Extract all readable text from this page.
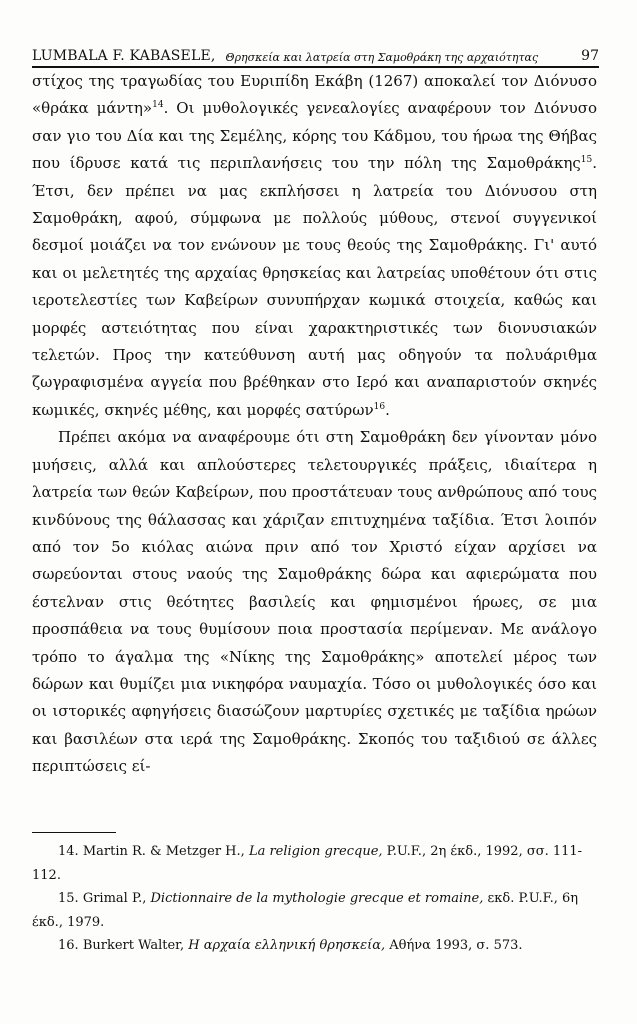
LUMBALA F. KABASELE, Θρησκεία και λατρεία στη Σαμοθράκη της αρχαιότητας	97

στίχος της τραγωδίας του Ευριπίδη Εκάβη (1267) αποκαλεί τον Διόνυσο «θράκα μάντη»$^{14}$. Οι μυθολογικές γενεαλογίες αναφέρουν τον Διόνυσο σαν γιο του Δία και της Σεμέλης, κόρης του Κάδμου, του ήρωα της Θήβας που ίδρυσε κατά τις περιπλανήσεις του την πόλη της Σαμοθράκης$^{15}$. Έτσι, δεν πρέπει να μας εκπλήσσει η λατρεία του Διόνυσου στη Σαμοθράκη, αφού, σύμφωνα με πολλούς μύθους, στενοί συγγενικοί δεσμοί μοιάζει να τον ενώνουν με τους θεούς της Σαμοθράκης. Γι' αυτό και οι μελετητές της αρχαίας θρησκείας και λατρείας υποθέτουν ότι στις ιεροτελεστίες των Καβείρων συνυπήρχαν κωμικά στοιχεία, καθώς και μορφές αστειότητας που είναι χαρακτηριστικές των διονυσιακών τελετών. Προς την κατεύθυνση αυτή μας οδηγούν τα πολυάριθμα ζωγραφισμένα αγγεία που βρέθηκαν στο Ιερό και αναπαριστούν σκηνές κωμικές, σκηνές μέθης, και μορφές σατύρων$^{16}$.

Πρέπει ακόμα να αναφέρουμε ότι στη Σαμοθράκη δεν γίνονταν μόνο μυήσεις, αλλά και απλούστερες τελετουργικές πράξεις, ιδιαίτερα η λατρεία των θεών Καβείρων, που προστάτευαν τους ανθρώπους από τους κινδύνους της θάλασσας και χάριζαν επιτυχημένα ταξίδια. Έτσι λοιπόν από τον 5ο κιόλας αιώνα πριν από τον Χριστό είχαν αρχίσει να σωρεύονται στους ναούς της Σαμοθράκης δώρα και αφιερώματα που έστελναν στις θεότητες βασιλείς και φημισμένοι ήρωες, σε μια προσπάθεια να τους θυμίσουν ποια προστασία περίμεναν. Με ανάλογο τρόπο το άγαλμα της «Νίκης της Σαμοθράκης» αποτελεί μέρος των δώρων και θυμίζει μια νικηφόρα ναυμαχία. Τόσο οι μυθολογικές όσο και οι ιστορικές αφηγήσεις διασώζουν μαρτυρίες σχετικές με ταξίδια ηρώων και βασιλέων στα ιερά της Σαμοθράκης. Σκοπός του ταξιδιού σε άλλες περιπτώσεις εί-

14. Martin R. & Metzger H., La religion grecque, P.U.F., 2η έκδ., 1992, σσ. 111-112.

15. Grimal P., Dictionnaire de la mythologie grecque et romaine, εκδ. P.U.F., 6η έκδ., 1979.

16. Burkert Walter, Η αρχαία ελληνική θρησκεία, Αθήνα 1993, σ. 573.
